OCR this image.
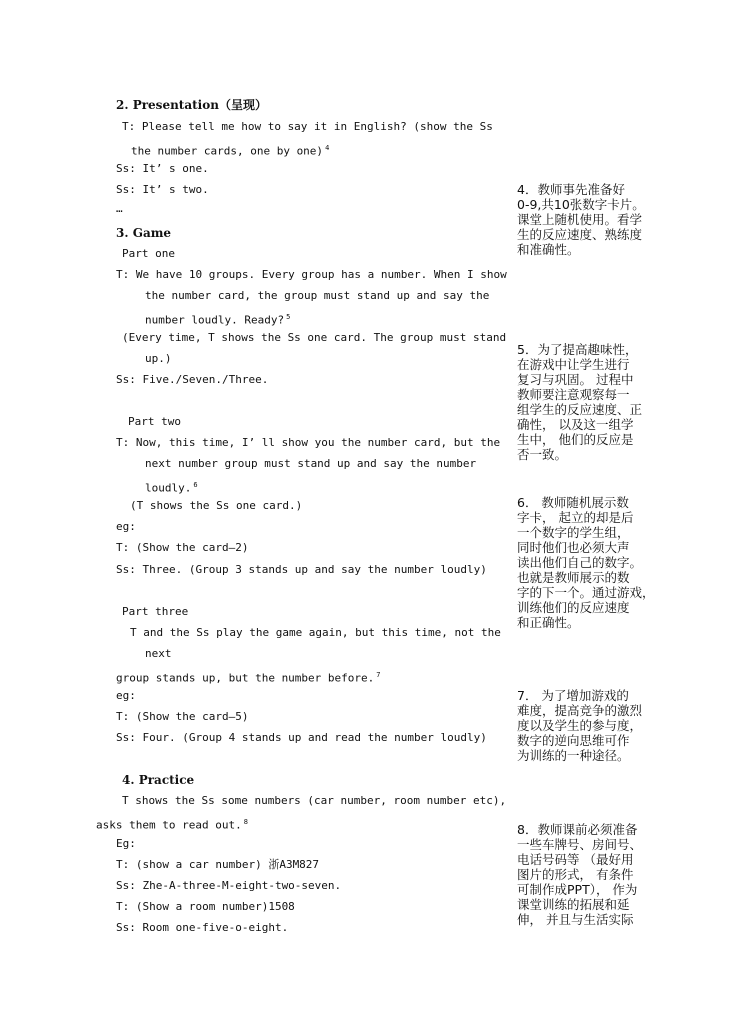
2. Presentation（呈现）
T: Please tell me how to say it in English? (show the Ss
the number cards, one by one) $^4$
Ss: It’ s one.
Ss: It’ s two.
…
3. Game
Part one
T: We have 10 groups. Every group has a number. When I show
the number card, the group must stand up and say the
number loudly. Ready? $^5$
(Every time, T shows the Ss one card. The group must stand
up.)
Ss: Five./Seven./Three.
Part two
T: Now, this time, I’ ll show you the number card, but the
next number group must stand up and say the number
loudly. $^6$
(T shows the Ss one card.)
eg:
T: (Show the card—2)
Ss: Three. (Group 3 stands up and say the number loudly)
Part three
T and the Ss play the game again, but this time, not the
next
group stands up, but the number before. $^7$
eg:
T: (Show the card—5)
Ss: Four. (Group 4 stands up and read the number loudly)
4. Practice
T shows the Ss some numbers (car number, room number etc),
asks them to read out. $^8$
Eg:
T: (show a car number) 浙A3M827
Ss: Zhe-A-three-M-eight-two-seven.
T: (Show a room number)1508
Ss: Room one-five-o-eight.
4．教师事先准备好
0-9,共10张数字卡片。
课堂上随机使用。看学
生的反应速度、熟练度
和准确性。
5．为了提高趣味性，
在游戏中让学生进行
复习与巩固。 过程中
教师要注意观察每一
组学生的反应速度、正
确性， 以及这一组学
生中， 他们的反应是
否一致。
6． 教师随机展示数
字卡， 起立的却是后
一个数字的学生组，
同时他们也必须大声
读出他们自己的数字。
也就是教师展示的数
字的下一个。通过游戏，
训练他们的反应速度
和正确性。
7． 为了增加游戏的
难度，提高竞争的激烈
度以及学生的参与度，
数字的逆向思维可作
为训练的一种途径。
8．教师课前必须准备
一些车牌号、房间号、
电话号码等 （最好用
图片的形式， 有条件
可制作成PPT）， 作为
课堂训练的拓展和延
伸， 并且与生活实际
